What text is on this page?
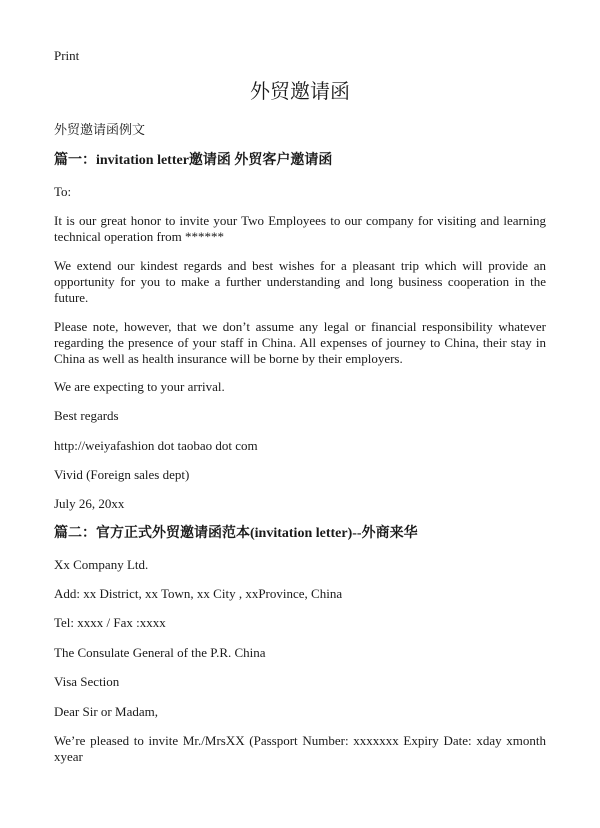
Print
外贸邀请函
外贸邀请函例文
篇一：invitation letter邀请函 外贸客户邀请函

To:

It is our great honor to invite your Two Employees to our company for visiting and learning technical operation from ******

We extend our kindest regards and best wishes for a pleasant trip which will provide an opportunity for you to make a further understanding and long business cooperation in the future.

Please note, however, that we don’t assume any legal or financial responsibility whatever regarding the presence of your staff in China. All expenses of journey to China, their stay in China as well as health insurance will be borne by their employers.

We are expecting to your arrival.

Best regards

http://weiyafashion dot taobao dot com

Vivid (Foreign sales dept)

July 26, 20xx

篇二：官方正式外贸邀请函范本(invitation letter)--外商来华

Xx Company Ltd.

Add: xx District, xx Town, xx City , xxProvince, China

Tel: xxxx / Fax :xxxx

The Consulate General of the P.R. China

Visa Section

Dear Sir or Madam,

We’re pleased to invite Mr./MrsXX (Passport Number: xxxxxxx Expiry Date: xday xmonth xyear
